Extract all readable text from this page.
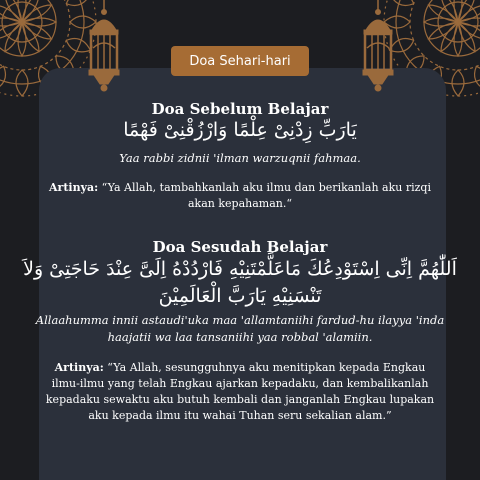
Doa Sehari-hari
Doa Sebelum Belajar
يَارَبِّ زِدْنِىْ عِلْمًا وَارْزُقْنِىْ فَهْمًا
Yaa rabbi zidnii 'ilman warzuqnii fahmaa.
Artinya: “Ya Allah, tambahkanlah aku ilmu dan berikanlah aku rizqi
akan kepahaman.“
Doa Sesudah Belajar
اَللّٰهُمَّ اِنِّى اِسْتَوْدِعُكَ مَاعَلَّمْتَنِيْهِ فَارْدُدْهُ اِلَىَّ عِنْدَ حَاجَتِىْ وَلاَ
تَنْسَنِيْهِ يَارَبَّ الْعَالَمِيْنَ
Allaahumma innii astaudi'uka maa 'allamtaniihi fardud-hu ilayya 'inda
haajatii wa laa tansaniihi yaa robbal 'alamiin.
Artinya: “Ya Allah, sesungguhnya aku menitipkan kepada Engkau
ilmu-ilmu yang telah Engkau ajarkan kepadaku, dan kembalikanlah
kepadaku sewaktu aku butuh kembali dan janganlah Engkau lupakan
aku kepada ilmu itu wahai Tuhan seru sekalian alam.”
